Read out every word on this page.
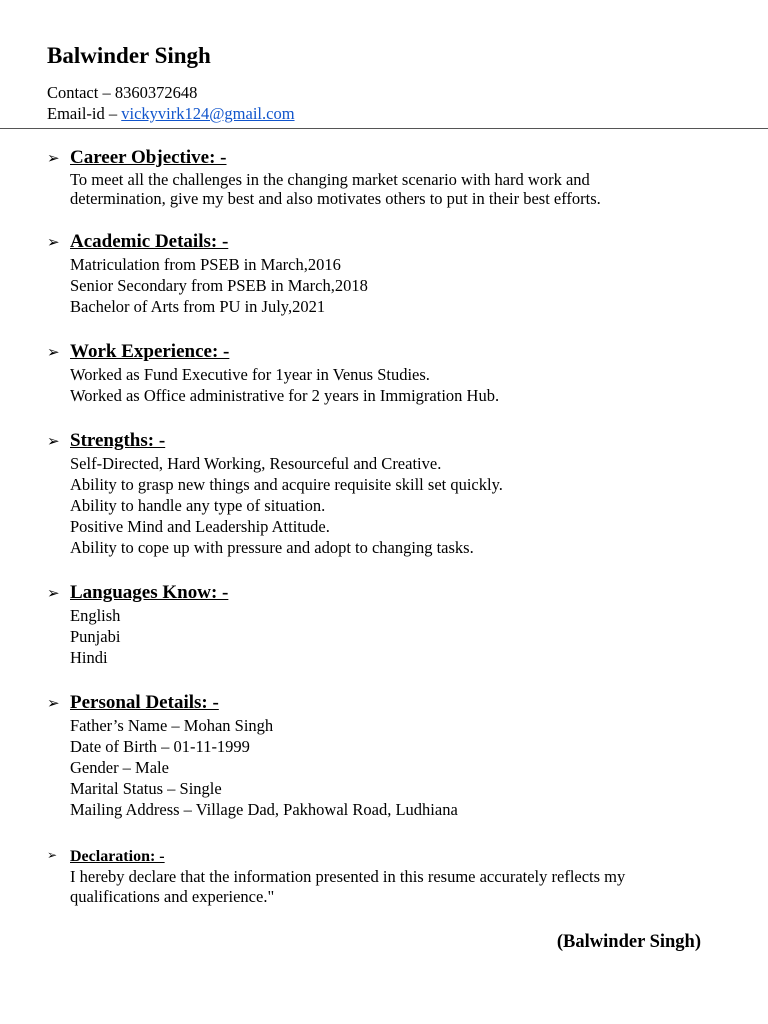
Balwinder Singh
Contact – 8360372648
Email-id – vickyvirk124@gmail.com
➢ Career Objective: -
To meet all the challenges in the changing market scenario with hard work and determination, give my best and also motivates others to put in their best efforts.
➢ Academic Details: -
Matriculation from PSEB in March,2016
Senior Secondary from PSEB in March,2018
Bachelor of Arts from PU in July,2021
➢ Work Experience: -
Worked as Fund Executive for 1year in Venus Studies.
Worked as Office administrative for 2 years in Immigration Hub.
➢ Strengths: -
Self-Directed, Hard Working, Resourceful and Creative.
Ability to grasp new things and acquire requisite skill set quickly.
Ability to handle any type of situation.
Positive Mind and Leadership Attitude.
Ability to cope up with pressure and adopt to changing tasks.
➢ Languages Know: -
English
Punjabi
Hindi
➢ Personal Details: -
Father’s Name – Mohan Singh
Date of Birth – 01-11-1999
Gender – Male
Marital Status – Single
Mailing Address – Village Dad, Pakhowal Road, Ludhiana
➢ Declaration: -
I hereby declare that the information presented in this resume accurately reflects my qualifications and experience."
(Balwinder Singh)
